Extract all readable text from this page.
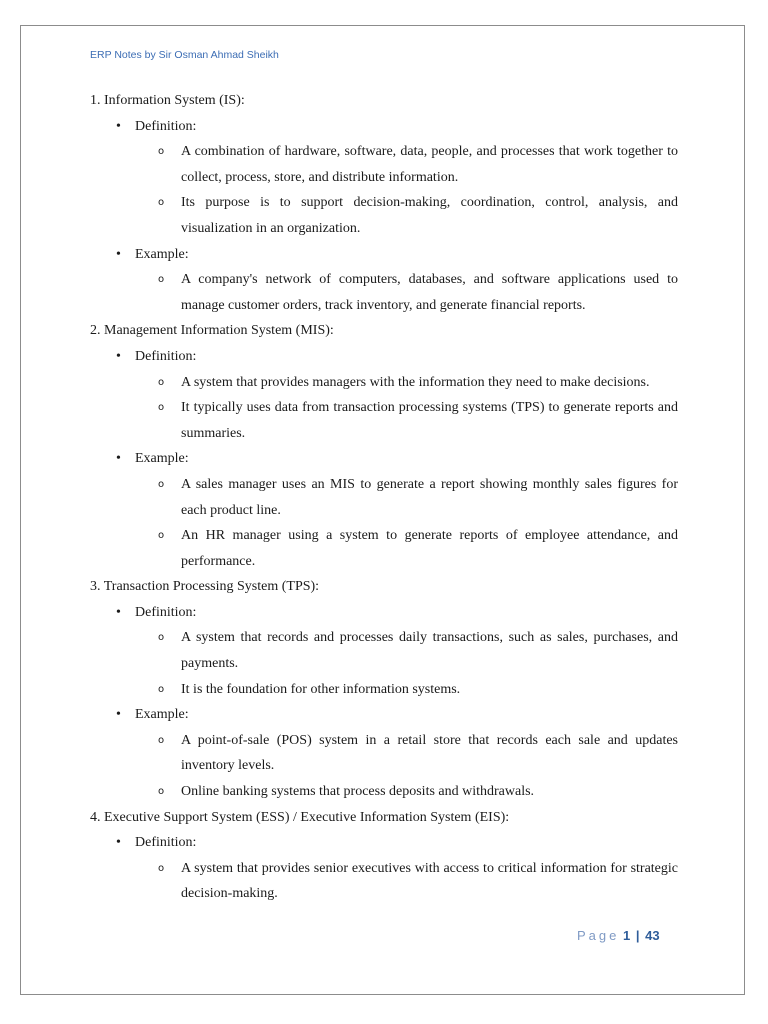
ERP Notes by Sir Osman Ahmad Sheikh
1. Information System (IS):
• Definition:
o A combination of hardware, software, data, people, and processes that work together to collect, process, store, and distribute information.
o Its purpose is to support decision-making, coordination, control, analysis, and visualization in an organization.
• Example:
o A company's network of computers, databases, and software applications used to manage customer orders, track inventory, and generate financial reports.
2. Management Information System (MIS):
• Definition:
o A system that provides managers with the information they need to make decisions.
o It typically uses data from transaction processing systems (TPS) to generate reports and summaries.
• Example:
o A sales manager uses an MIS to generate a report showing monthly sales figures for each product line.
o An HR manager using a system to generate reports of employee attendance, and performance.
3. Transaction Processing System (TPS):
• Definition:
o A system that records and processes daily transactions, such as sales, purchases, and payments.
o It is the foundation for other information systems.
• Example:
o A point-of-sale (POS) system in a retail store that records each sale and updates inventory levels.
o Online banking systems that process deposits and withdrawals.
4. Executive Support System (ESS) / Executive Information System (EIS):
• Definition:
o A system that provides senior executives with access to critical information for strategic decision-making.
Page 1 | 43
